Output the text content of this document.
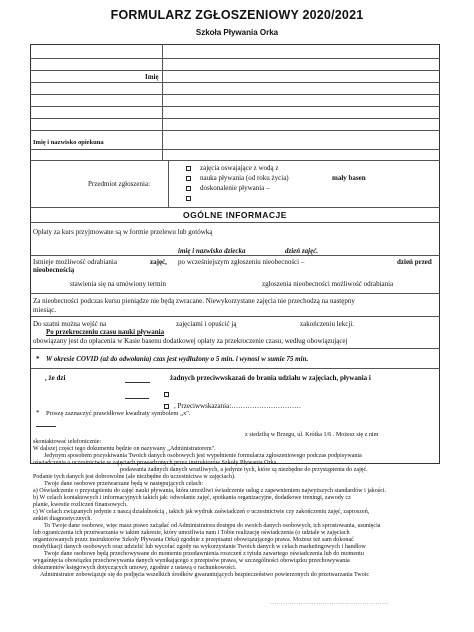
FORMULARZ ZGŁOSZENIOWY 2020/2021
Szkoła Pływania Orka
Imię
Imię i nazwisko opiekuna
Przedmiot zgłoszenia:
zajęcia oswajające z wodą z
nauka pływania (od roku życia)	mały basen
doskonalenie pływania –
OGÓLNE INFORMACJE
Opłaty za kurs przyjmowane są w formie przelewu lub gotówką
imię i nazwisko dziecka	dzień zajęć.
Istnieje możliwość odrabiania	zajęć, po wcześniejszym zgłoszeniu nieobecności –	dzień przed
nieobecnością
stawienia się na umówiony termin	zgłoszenia nieobecności możliwość odrabiania
Za nieobecności podczas kursu pieniądze nie będą zwracane. Niewykorzystane zajęcia nie przechodzą na następny
miesiąc.
Do szatni można wejść na	zajęciami i opuścić ją	zakończeniu lekcji.
Po przekroczeniu czasu nauki pływania
obowiązany jest do opłacenia w Kasie basenu dodatkowej opłaty za przekroczenie czasu, według obowiązującej
* W okresie COVID (aż do odwołania) czas jest wydłużony o 5 min. i wynosi w sumie 75 min.
, że dzi	żadnych przeciwwskazań do brania udziału w zajęciach, pływania i
, Przeciwwskazania:…………………………
* Proszę zaznaczyć prawidłowe kwadraty symbolem „x".
z siedzibą w Brzegu, ul. Krótka 1/6 . Możesz się z nim
skontaktować telefonicznie:
W dalszej części tego dokumentu będzie on nazywany „Administratorem".
Jedynym sposobem pozyskiwania Twoich danych osobowych jest wypełnienie formularza zgłoszeniowego podczas podpisywania
oświadczenia o uczestnictwie w zajęciach prowadzonych przez instruktorów Szkoły Pływania Orka.
podawania żadnych danych wrażliwych, a jedynie tych, które są niezbędne do przystąpienia do zajęć.
Podanie tych danych jest dobrowolne (ale niezbędne do uczestnictwa w zajęciach).
Twoje dane osobowe przetwarzane będą w następujących celach:
a) Oświadczenie o przystąpieniu do zajęć nauki pływania, która umożliwi świadczenie usług z zapewnieniem najwyższych standardów i jakości.
b) W celach kontaktowych i informacyjnych takich jak: odwołanie zajęć, spotkania organizacyjne, dodatkowe treningi, zawody cz
planie, kwestie rozliczeń finansowych.
c) W celach związanych jedynie z naszą działalnością , takich jak wydruk zaświadczeń o uczestnictwie czy zakończeniu zajęć, zaproszeń,
ankiet diagnostycznych.
To Twoje dane osobowe, więc masz prawo zażądać od Administratora dostępu do swoich danych osobowych, ich sprostowania, usunięcia
lub ograniczenia ich przetwarzania w takim zakresie, który umożliwia nam i Tobie realizację oświadczenia (o udziale w zajęciach
organizowanych przez instruktorów Szkoły Pływania Orka) zgodnie z przepisami obowiązującego prawa. Możesz też sam dokonać
modyfikacji danych osobowych oraz udzielić lub wycofać zgody na wykorzystanie Twoich danych w celach marketingowych i handlow
Twoje dane osobowe będą przechowywane do momentu przedawnienia roszczeń z tytułu zawartego oświadczenia lub do momentu
wygaśnięcia obowiązku przechowywania danych wynikającego z przepisów prawa, w szczególności obowiązku przechowywania
dokumentów księgowych dotyczących umowy, zgodnie z ustawą o rachunkowości.
Administrator zobowiązuje się do podjęcia wszelkich środków gwarantujących bezpieczeństwo powierzonych do przetwarzania Twoic
………………………………………………
